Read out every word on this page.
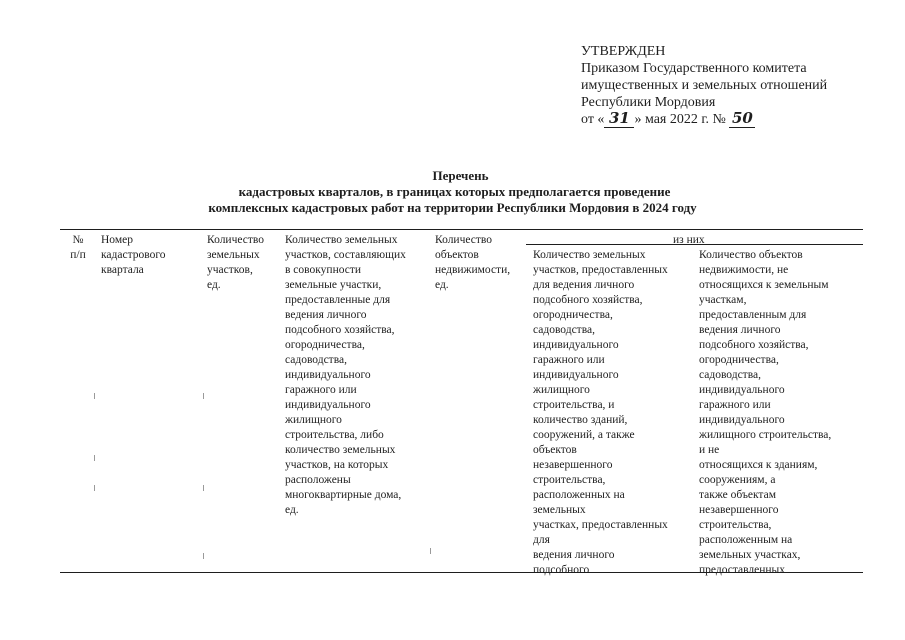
УТВЕРЖДЕН
Приказом Государственного комитета
имущественных и земельных отношений
Республики Мордовия
от « 31 » мая 2022 г. № 50
Перечень
кадастровых кварталов, в границах которых предполагается проведение
комплексных кадастровых работ на территории Республики Мордовия в 2024 году
из них
№
п/п
Номер
кадастрового
квартала
Количество
земельных
участков,
ед.
Количество земельных
участков, составляющих
в совокупности
земельные участки,
предоставленные для
ведения личного
подсобного хозяйства,
огородничества,
садоводства,
индивидуального
гаражного или
индивидуального
жилищного
строительства, либо
количество земельных
участков, на которых
расположены
многоквартирные дома,
ед.
Количество
объектов
недвижимости,
ед.
Количество земельных
участков, предоставленных
для ведения личного
подсобного хозяйства,
огородничества,
садоводства,
индивидуального
гаражного или
индивидуального
жилищного
строительства, и
количество зданий,
сооружений, а также
объектов
незавершенного
строительства,
расположенных на
земельных
участках, предоставленных
для
ведения личного
подсобного
Количество объектов
недвижимости, не
относящихся к земельным
участкам,
предоставленным для
ведения личного
подсобного хозяйства,
огородничества,
садоводства,
индивидуального
гаражного или
индивидуального
жилищного строительства,
и не
относящихся к зданиям,
сооружениям, а
также объектам
незавершенного
строительства,
расположенным на
земельных участках,
предоставленных
